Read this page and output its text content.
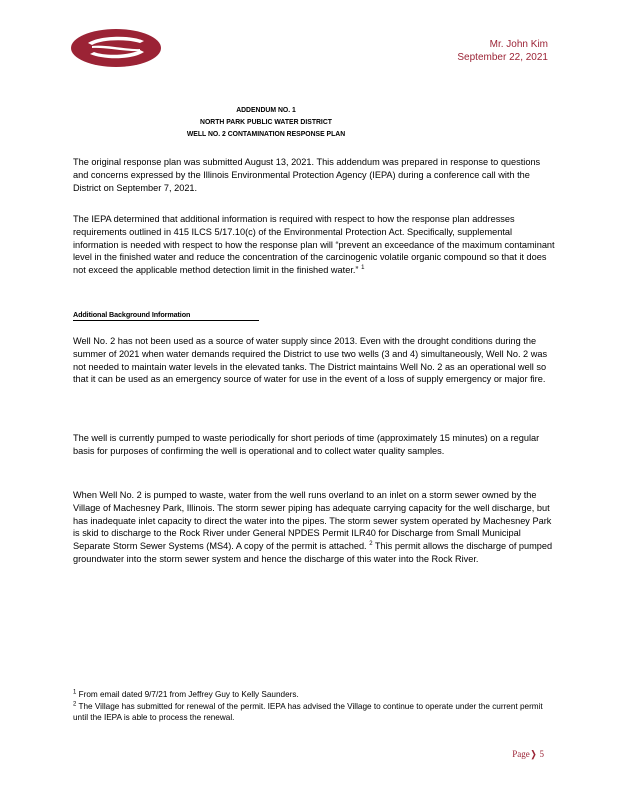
Mr. John Kim
September 22, 2021
ADDENDUM NO. 1
NORTH PARK PUBLIC WATER DISTRICT
WELL NO. 2 CONTAMINATION RESPONSE PLAN
The original response plan was submitted August 13, 2021. This addendum was prepared in response to questions and concerns expressed by the Illinois Environmental Protection Agency (IEPA) during a conference call with the District on September 7, 2021.
The IEPA determined that additional information is required with respect to how the response plan addresses requirements outlined in 415 ILCS 5/17.10(c) of the Environmental Protection Act. Specifically, supplemental information is needed with respect to how the response plan will “prevent an exceedance of the maximum contaminant level in the finished water and reduce the concentration of the carcinogenic volatile organic compound so that it does not exceed the applicable method detection limit in the finished water.” $^1$
Additional Background Information
Well No. 2 has not been used as a source of water supply since 2013. Even with the drought conditions during the summer of 2021 when water demands required the District to use two wells (3 and 4) simultaneously, Well No. 2 was not needed to maintain water levels in the elevated tanks. The District maintains Well No. 2 as an operational well so that it can be used as an emergency source of water for use in the event of a loss of supply emergency or major fire.
The well is currently pumped to waste periodically for short periods of time (approximately 15 minutes) on a regular basis for purposes of confirming the well is operational and to collect water quality samples.
When Well No. 2 is pumped to waste, water from the well runs overland to an inlet on a storm sewer owned by the Village of Machesney Park, Illinois. The storm sewer piping has adequate carrying capacity for the well discharge, but has inadequate inlet capacity to direct the water into the pipes. The storm sewer system operated by Machesney Park is skid to discharge to the Rock River under General NPDES Permit ILR40 for Discharge from Small Municipal Separate Storm Sewer Systems (MS4). A copy of the permit is attached. $^2$ This permit allows the discharge of pumped groundwater into the storm sewer system and hence the discharge of this water into the Rock River.
$^1$ From email dated 9/7/21 from Jeffrey Guy to Kelly Saunders.
$^2$ The Village has submitted for renewal of the permit. IEPA has advised the Village to continue to operate under the current permit until the IEPA is able to process the renewal.
Page❭ 5
